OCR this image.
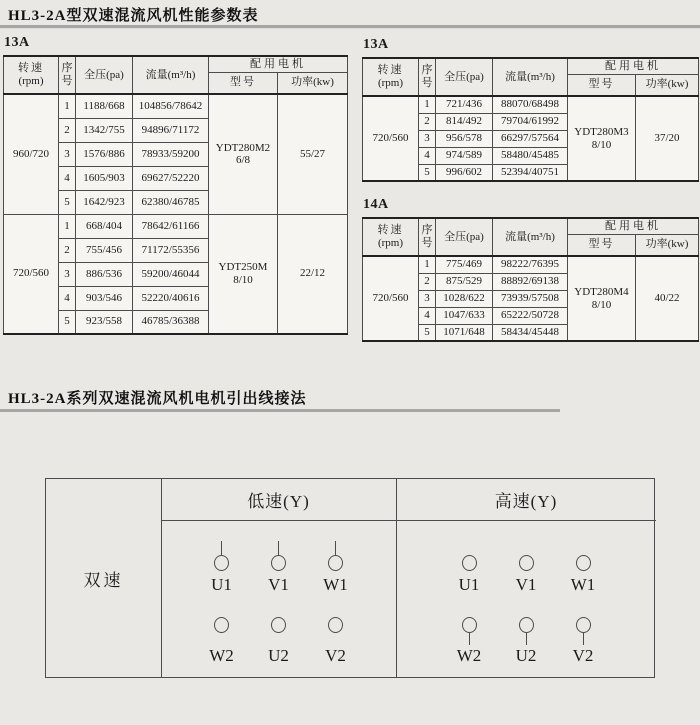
HL3-2A型双速混流风机性能参数表
13A
转速
(rpm)	序
号	全压(pa)	流量(m³/h)	配用电机	
				型号	功率(kw)
960/720	1	1188/668	104856/78642	YDT280M2
6/8	55/27
	2	1342/755	94896/71172		
	3	1576/886	78933/59200		
	4	1605/903	69627/52220		
	5	1642/923	62380/46785		
720/560	1	668/404	78642/61166	YDT250M
8/10	22/12
	2	755/456	71172/55356		
	3	886/536	59200/46044		
	4	903/546	52220/40616		
	5	923/558	46785/36388		
13A
转速
(rpm)	序
号	全压(pa)	流量(m³/h)	配用电机	
				型号	功率(kw)
720/560	1	721/436	88070/68498	YDT280M3
8/10	37/20
	2	814/492	79704/61992		
	3	956/578	66297/57564		
	4	974/589	58480/45485		
	5	996/602	52394/40751		
14A
转速
(rpm)	序
号	全压(pa)	流量(m³/h)	配用电机	
				型号	功率(kw)
720/560	1	775/469	98222/76395	YDT280M4
8/10	40/22
	2	875/529	88892/69138		
	3	1028/622	73939/57508		
	4	1047/633	65222/50728		
	5	1071/648	58434/45448		
HL3-2A系列双速混流风机电机引出线接法
双速
低速(Y)
U1 V1 W1
W2 U2 V2
高速(Y)
U1 V1 W1
W2 U2 V2
